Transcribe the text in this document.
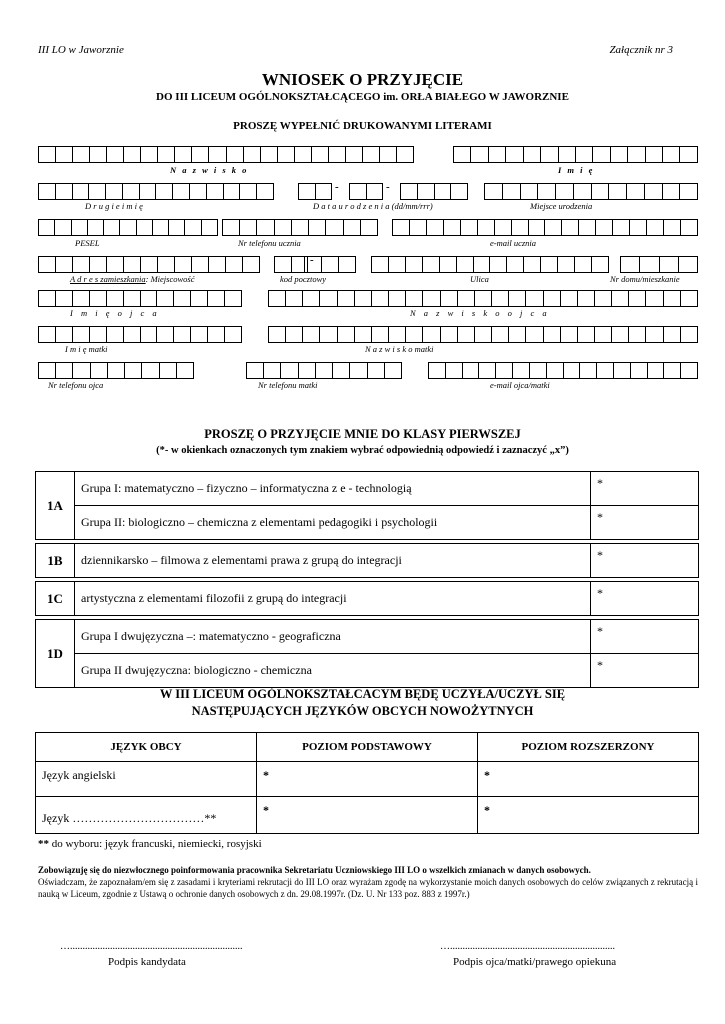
III LO w Jaworznie	Załącznik nr 3
WNIOSEK O PRZYJĘCIE
DO III LICEUM OGÓLNOKSZTAŁCĄCEGO im. ORŁA BIAŁEGO W JAWORZNIE
PROSZĘ WYPEŁNIĆ DRUKOWANYMI LITERAMI
N a z w i s k o	I m i ę
-	-
D r u g i e i m i ę	D a t a u r o d z e n i a (dd/mm/rrr)	Miejsce urodzenia
PESEL	Nr telefonu ucznia	e-mail ucznia
-
A d r e s zamieszkania: Miejscowość	kod pocztowy	Ulica	Nr domu/mieszkanie
I m i ę o j c a	N a z w i s k o o j c a
I m i ę matki	N a z w i s k o matki
Nr telefonu ojca	Nr telefonu matki	e-mail ojca/matki
PROSZĘ O PRZYJĘCIE MNIE DO KLASY PIERWSZEJ
(*- w okienkach oznaczonych tym znakiem wybrać odpowiednią odpowiedź i zaznaczyć „x”)
1A	Grupa I: matematyczno – fizyczno – informatyczna z e - technologią	*
	Grupa II: biologiczno – chemiczna z elementami pedagogiki i psychologii	*

1B	dziennikarsko – filmowa z elementami prawa z grupą do integracji	*

1C	artystyczna z elementami filozofii z grupą do integracji	*

1D	Grupa I dwujęzyczna –: matematyczno - geograficzna	*
	Grupa II dwujęzyczna: biologiczno - chemiczna	*
W III LICEUM OGÓLNOKSZTAŁCACYM BĘDĘ UCZYŁA/UCZYŁ SIĘ
NASTĘPUJĄCYCH JĘZYKÓW OBCYCH NOWOŻYTNYCH
JĘZYK OBCY	POZIOM PODSTAWOWY	POZIOM ROZSZERZONY
Język angielski	*	*
Język ……………………………**	*	*
** do wyboru: język francuski, niemiecki, rosyjski
Zobowiązuję się do niezwłocznego poinformowania pracownika Sekretariatu Uczniowskiego III LO o wszelkich zmianach w danych osobowych.
Oświadczam, że zapoznałam/em się z zasadami i kryteriami rekrutacji do III LO oraz wyrażam zgodę na wykorzystanie moich danych osobowych do celów związanych z rekrutacją i nauką w Liceum, zgodnie z Ustawą o ochronie danych osobowych z dn. 29.08.1997r. (Dz. U. Nr 133 poz. 883 z 1997r.)
….....................................................................
Podpis kandydata
…..................................................................
Podpis ojca/matki/prawego opiekuna
